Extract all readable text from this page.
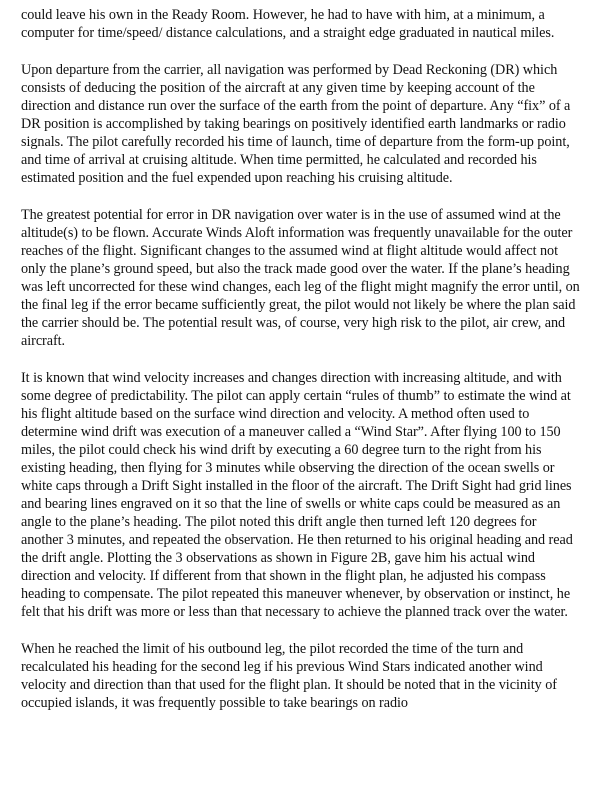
could leave his own in the Ready Room. However, he had to have with him, at a minimum, a computer for time/speed/ distance calculations, and a straight edge graduated in nautical miles.

Upon departure from the carrier, all navigation was performed by Dead Reckoning (DR) which consists of deducing the position of the aircraft at any given time by keeping account of the direction and distance run over the surface of the earth from the point of departure. Any “fix” of a DR position is accomplished by taking bearings on positively identified earth landmarks or radio signals. The pilot carefully recorded his time of launch, time of departure from the form-up point, and time of arrival at cruising altitude. When time permitted, he calculated and recorded his estimated position and the fuel expended upon reaching his cruising altitude.

The greatest potential for error in DR navigation over water is in the use of assumed wind at the altitude(s) to be flown. Accurate Winds Aloft information was frequently unavailable for the outer reaches of the flight. Significant changes to the assumed wind at flight altitude would affect not only the plane’s ground speed, but also the track made good over the water. If the plane’s heading was left uncorrected for these wind changes, each leg of the flight might magnify the error until, on the final leg if the error became sufficiently great, the pilot would not likely be where the plan said the carrier should be. The potential result was, of course, very high risk to the pilot, air crew, and aircraft.

It is known that wind velocity increases and changes direction with increasing altitude, and with some degree of predictability. The pilot can apply certain “rules of thumb” to estimate the wind at his flight altitude based on the surface wind direction and velocity. A method often used to determine wind drift was execution of a maneuver called a “Wind Star”. After flying 100 to 150 miles, the pilot could check his wind drift by executing a 60 degree turn to the right from his existing heading, then flying for 3 minutes while observing the direction of the ocean swells or white caps through a Drift Sight installed in the floor of the aircraft. The Drift Sight had grid lines and bearing lines engraved on it so that the line of swells or white caps could be measured as an angle to the plane’s heading. The pilot noted this drift angle then turned left 120 degrees for another 3 minutes, and repeated the observation. He then returned to his original heading and read the drift angle. Plotting the 3 observations as shown in Figure 2B, gave him his actual wind direction and velocity. If different from that shown in the flight plan, he adjusted his compass heading to compensate. The pilot repeated this maneuver whenever, by observation or instinct, he felt that his drift was more or less than that necessary to achieve the planned track over the water.

When he reached the limit of his outbound leg, the pilot recorded the time of the turn and recalculated his heading for the second leg if his previous Wind Stars indicated another wind velocity and direction than that used for the flight plan. It should be noted that in the vicinity of occupied islands, it was frequently possible to take bearings on radio
